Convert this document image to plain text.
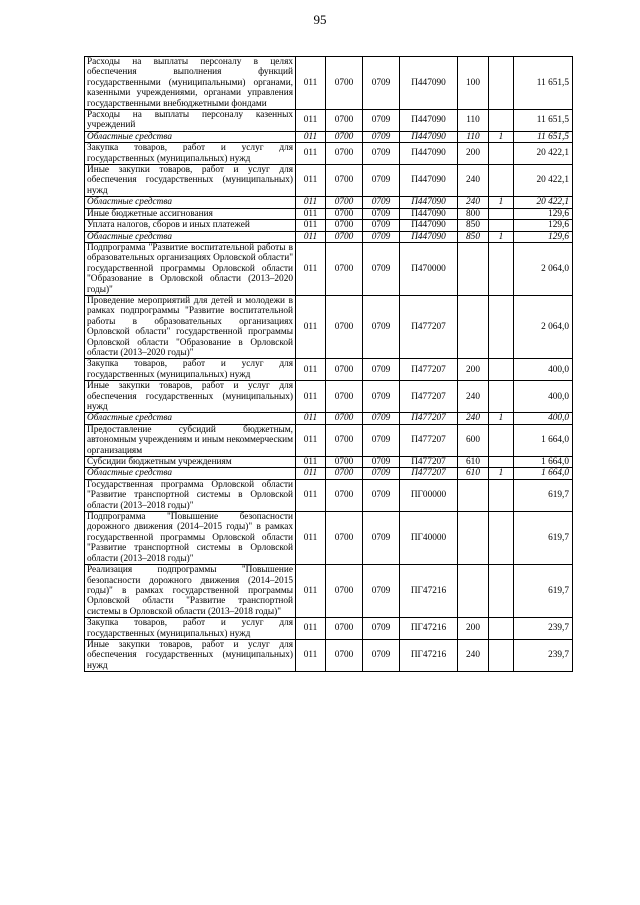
95
Расходы на выплаты персоналу в целях обеспечения выполнения функций государственными (муниципальными) органами, казенными учреждениями, органами управления государственными внебюджетными фондами	011	0700	0709	П447090	100		11 651,5
Расходы на выплаты персоналу казенных учреждений	011	0700	0709	П447090	110		11 651,5
Областные средства	011	0700	0709	П447090	110	1	11 651,5
Закупка товаров, работ и услуг для государственных (муниципальных) нужд	011	0700	0709	П447090	200		20 422,1
Иные закупки товаров, работ и услуг для обеспечения государственных (муниципальных) нужд	011	0700	0709	П447090	240		20 422,1
Областные средства	011	0700	0709	П447090	240	1	20 422,1
Иные бюджетные ассигнования	011	0700	0709	П447090	800		129,6
Уплата налогов, сборов и иных платежей	011	0700	0709	П447090	850		129,6
Областные средства	011	0700	0709	П447090	850	1	129,6
Подпрограмма "Развитие воспитательной работы в образовательных организациях Орловской области" государственной программы Орловской области "Образование в Орловской области (2013–2020 годы)"	011	0700	0709	П470000			2 064,0
Проведение мероприятий для детей и молодежи в рамках подпрограммы "Развитие воспитательной работы в образовательных организациях Орловской области" государственной программы Орловской области "Образование в Орловской области (2013–2020 годы)"	011	0700	0709	П477207			2 064,0
Закупка товаров, работ и услуг для государственных (муниципальных) нужд	011	0700	0709	П477207	200		400,0
Иные закупки товаров, работ и услуг для обеспечения государственных (муниципальных) нужд	011	0700	0709	П477207	240		400,0
Областные средства	011	0700	0709	П477207	240	1	400,0
Предоставление субсидий бюджетным, автономным учреждениям и иным некоммерческим организациям	011	0700	0709	П477207	600		1 664,0
Субсидии бюджетным учреждениям	011	0700	0709	П477207	610		1 664,0
Областные средства	011	0700	0709	П477207	610	1	1 664,0
Государственная программа Орловской области "Развитие транспортной системы в Орловской области (2013–2018 годы)"	011	0700	0709	ПГ00000			619,7
Подпрограмма "Повышение безопасности дорожного движения (2014–2015 годы)" в рамках государственной программы Орловской области "Развитие транспортной системы в Орловской области (2013–2018 годы)"	011	0700	0709	ПГ40000			619,7
Реализация подпрограммы "Повышение безопасности дорожного движения (2014–2015 годы)" в рамках государственной программы Орловской области "Развитие транспортной системы в Орловской области (2013–2018 годы)"	011	0700	0709	ПГ47216			619,7
Закупка товаров, работ и услуг для государственных (муниципальных) нужд	011	0700	0709	ПГ47216	200		239,7
Иные закупки товаров, работ и услуг для обеспечения государственных (муниципальных) нужд	011	0700	0709	ПГ47216	240		239,7
